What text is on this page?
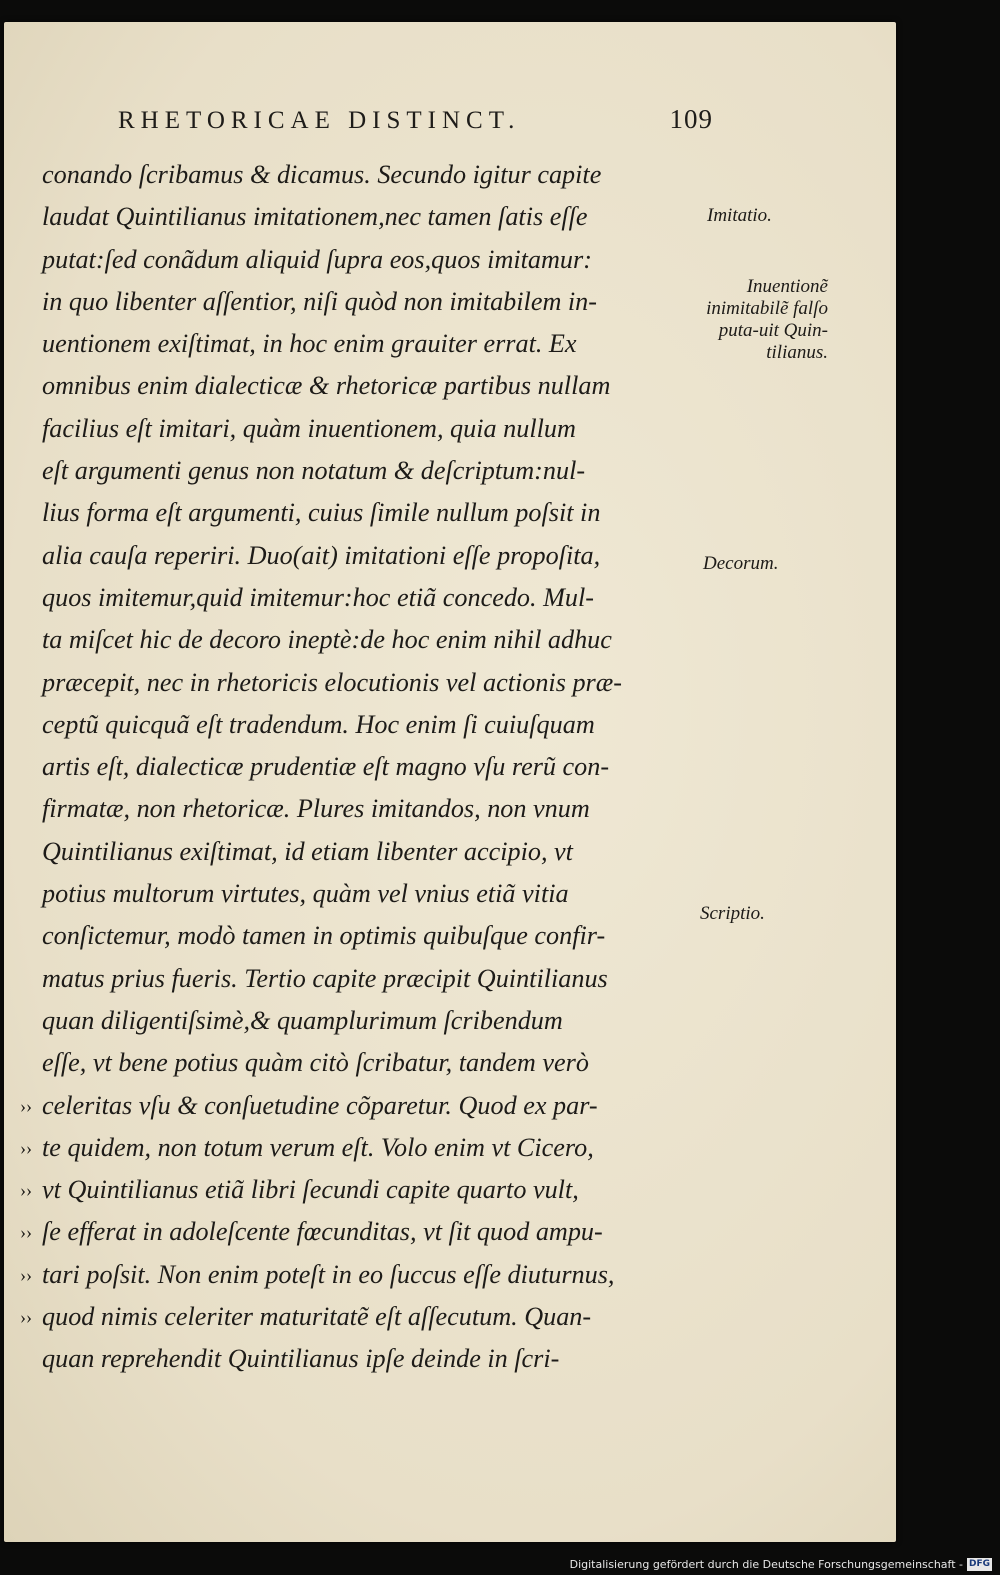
RHETORICAE DISTINCT.	109
conando ſcribamus & dicamus. Secundo igitur capite
laudat Quintilianus imitationem,nec tamen ſatis eſſe
putat:ſed conãdum aliquid ſupra eos,quos imitamur:
in quo libenter aſſentior, niſi quòd non imitabilem in-
uentionem exiſtimat, in hoc enim grauiter errat. Ex
omnibus enim dialecticæ & rhetoricæ partibus nullam
facilius eſt imitari, quàm inuentionem, quia nullum
eſt argumenti genus non notatum & deſcriptum:nul-
lius forma eſt argumenti, cuius ſimile nullum poſsit in
alia cauſa reperiri. Duo(ait) imitationi eſſe propoſita,
quos imitemur,quid imitemur:hoc etiã concedo. Mul-
ta miſcet hic de decoro ineptè:de hoc enim nihil adhuc
præcepit, nec in rhetoricis elocutionis vel actionis præ-
ceptũ quicquã eſt tradendum. Hoc enim ſi cuiuſquam
artis eſt, dialecticæ prudentiæ eſt magno vſu rerũ con-
firmatæ, non rhetoricæ. Plures imitandos, non vnum
Quintilianus exiſtimat, id etiam libenter accipio, vt
potius multorum virtutes, quàm vel vnius etiã vitia
conſictemur, modò tamen in optimis quibuſque confir-
matus prius fueris. Tertio capite præcipit Quintilianus
quan diligentiſsimè,& quamplurimum ſcribendum
eſſe, vt bene potius quàm citò ſcribatur, tandem verò
›› celeritas vſu & conſuetudine cõparetur. Quod ex par-
›› te quidem, non totum verum eſt. Volo enim vt Cicero,
›› vt Quintilianus etiã libri ſecundi capite quarto vult,
›› ſe efferat in adoleſcente fœcunditas, vt ſit quod ampu-
›› tari poſsit. Non enim poteſt in eo ſuccus eſſe diuturnus,
›› quod nimis celeriter maturitatẽ eſt aſſecutum. Quan-
quan reprehendit Quintilianus ipſe deinde in ſcri-
Imitatio.
Inuentionẽ inimitabilẽ falſo puta-uit Quin-tilianus.
Decorum.
Scriptio.
Digitalisierung gefördert durch die Deutsche Forschungsgemeinschaft - DFG
